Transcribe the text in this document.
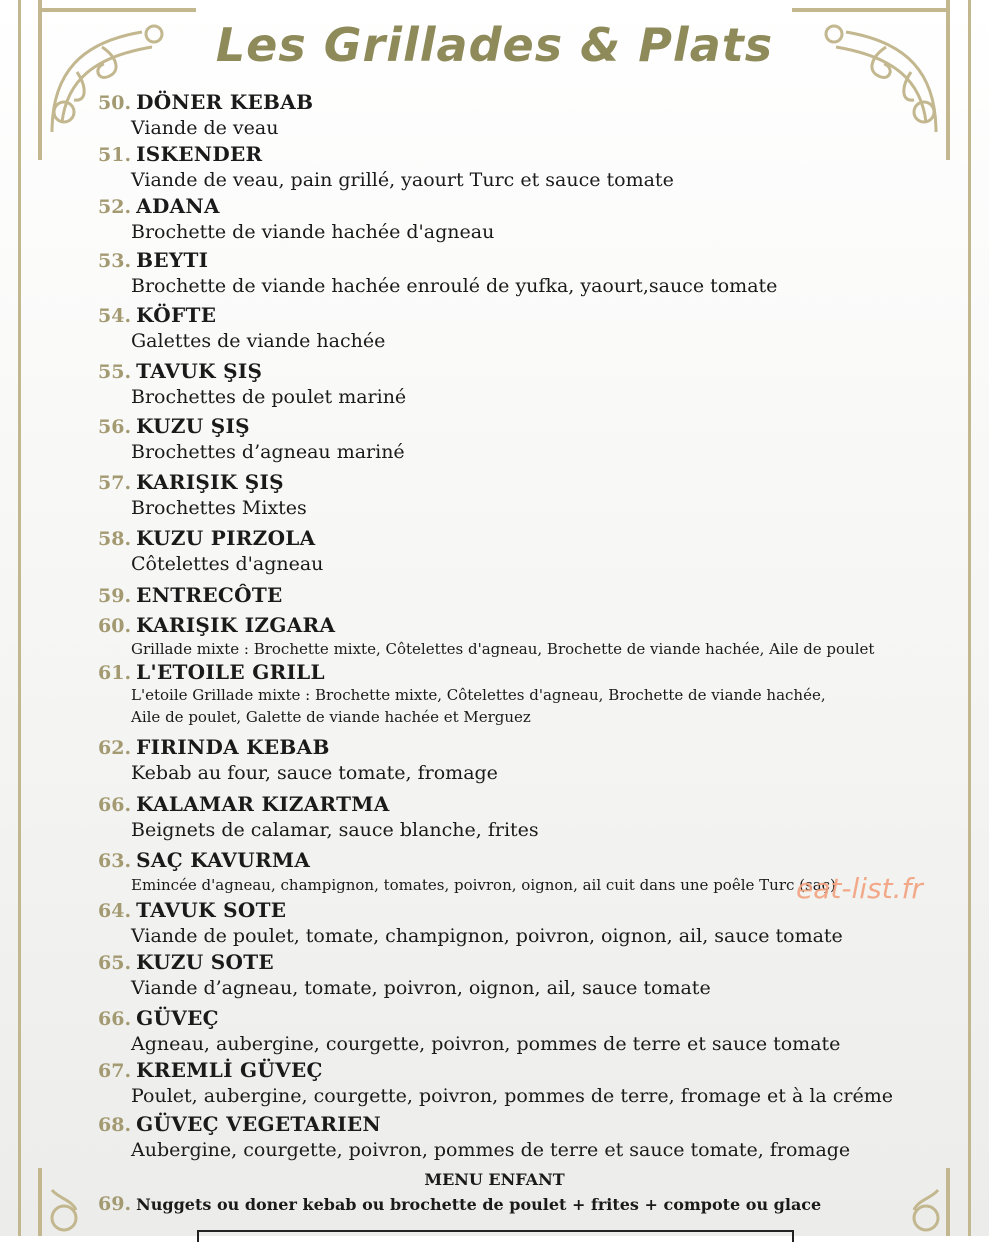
Les Grillades & Plats
50. DÖNER KEBAB
Viande de veau
51. ISKENDER
Viande de veau, pain grillé, yaourt Turc et sauce tomate
52. ADANA
Brochette de viande hachée d'agneau
53. BEYTI
Brochette de viande hachée enroulé de yufka, yaourt,sauce tomate
54. KÖFTE
Galettes de viande hachée
55. TAVUK ŞIŞ
Brochettes de poulet mariné
56. KUZU ŞIŞ
Brochettes d’agneau mariné
57. KARIŞIK ŞIŞ
Brochettes Mixtes
58. KUZU PIRZOLA
Côtelettes d'agneau
59. ENTRECÔTE
60. KARIŞIK IZGARA
Grillade mixte : Brochette mixte, Côtelettes d'agneau, Brochette de viande hachée, Aile de poulet
61. L'ETOILE GRILL
L'etoile Grillade mixte : Brochette mixte, Côtelettes d'agneau, Brochette de viande hachée,
Aile de poulet, Galette de viande hachée et Merguez
62. FIRINDA KEBAB
Kebab au four, sauce tomate, fromage
66. KALAMAR KIZARTMA
Beignets de calamar, sauce blanche, frites
63. SAÇ KAVURMA
Emincée d'agneau, champignon, tomates, poivron, oignon, ail cuit dans une poêle Turc (saç)
64. TAVUK SOTE
Viande de poulet, tomate, champignon, poivron, oignon, ail, sauce tomate
65. KUZU SOTE
Viande d’agneau, tomate, poivron, oignon, ail, sauce tomate
66. GÜVEÇ
Agneau, aubergine, courgette, poivron, pommes de terre et sauce tomate
67. KREMLİ GÜVEÇ
Poulet, aubergine, courgette, poivron, pommes de terre, fromage et à la créme
68. GÜVEÇ VEGETARIEN
Aubergine, courgette, poivron, pommes de terre et sauce tomate, fromage
MENU ENFANT
69. Nuggets ou doner kebab ou brochette de poulet + frites + compote ou glace
eat-list.fr
